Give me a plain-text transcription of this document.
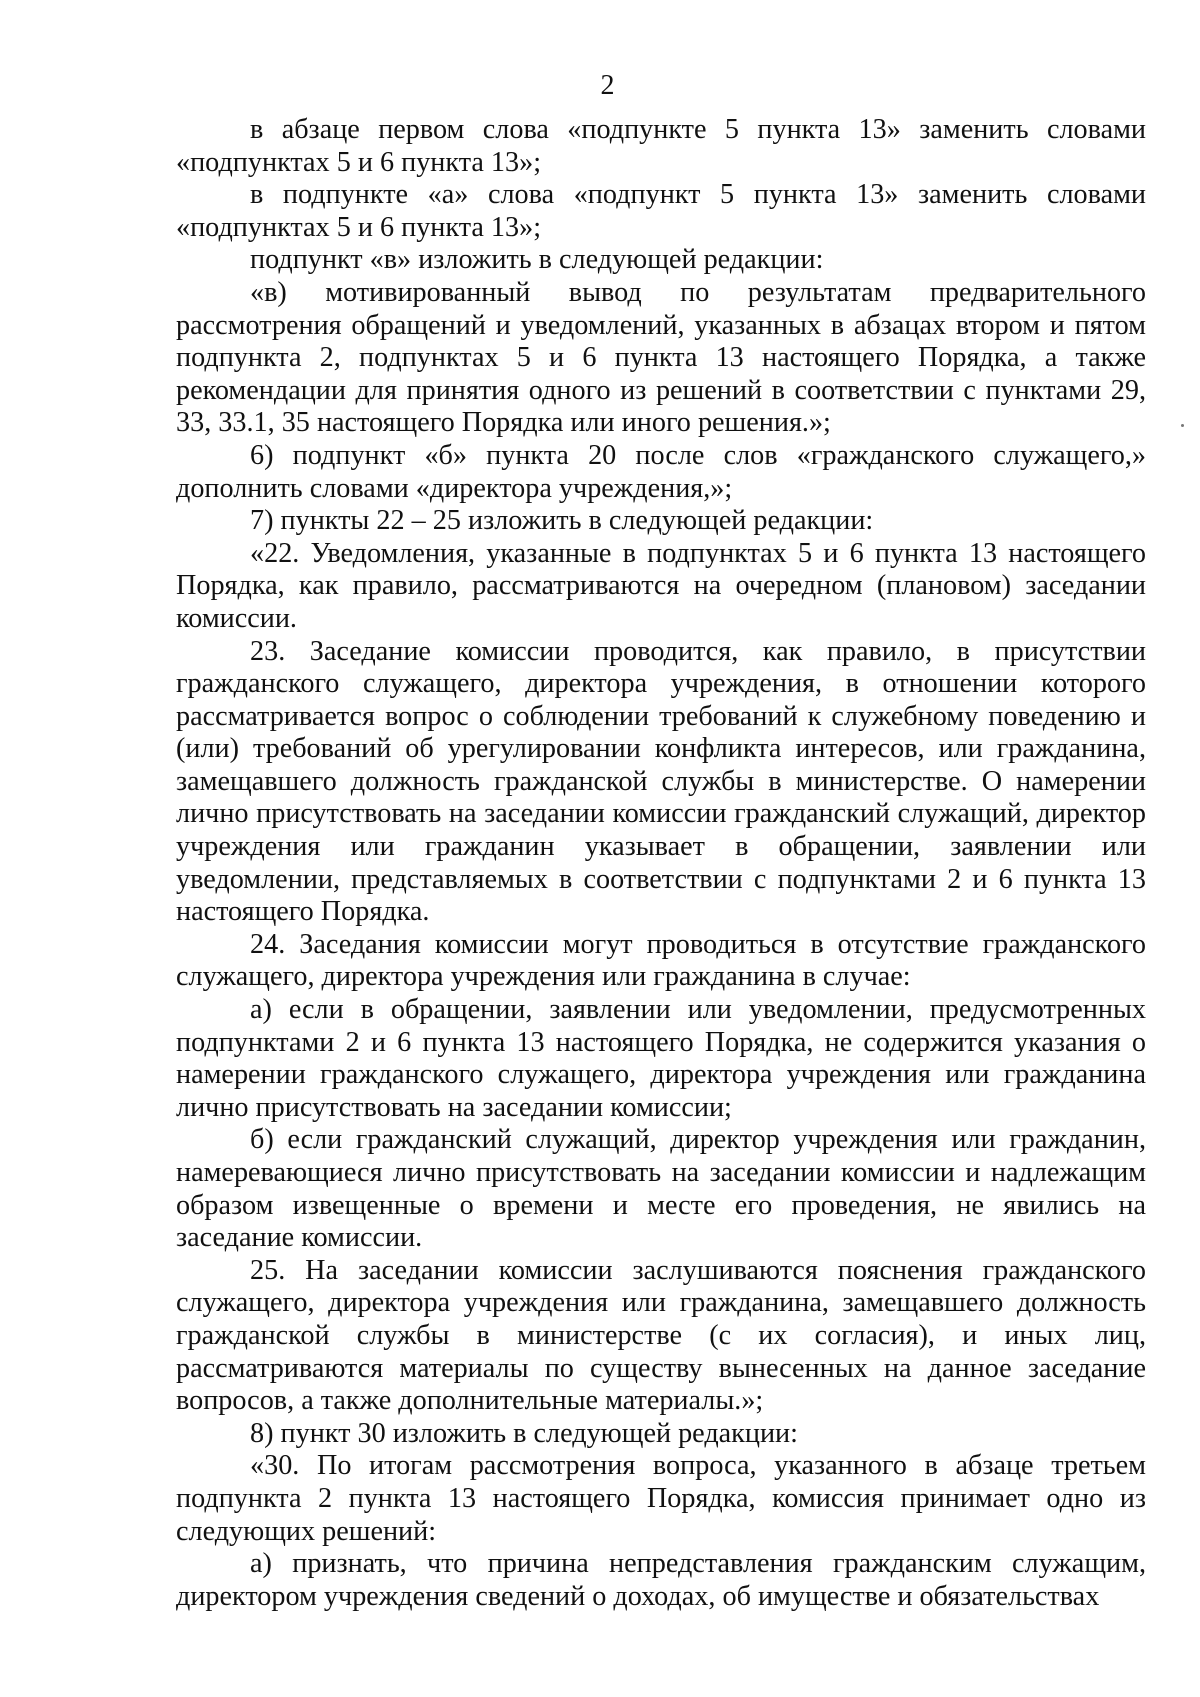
2

в абзаце первом слова «подпункте 5 пункта 13» заменить словами «подпунктах 5 и 6 пункта 13»;

в подпункте «а» слова «подпункт 5 пункта 13» заменить словами «подпунктах 5 и 6 пункта 13»;

подпункт «в» изложить в следующей редакции:

«в) мотивированный вывод по результатам предварительного рассмотрения обращений и уведомлений, указанных в абзацах втором и пятом подпункта 2, подпунктах 5 и 6 пункта 13 настоящего Порядка, а также рекомендации для принятия одного из решений в соответствии с пунктами 29, 33, 33.1, 35 настоящего Порядка или иного решения.»;

6) подпункт «б» пункта 20 после слов «гражданского служащего,» дополнить словами «директора учреждения,»;

7) пункты 22 – 25 изложить в следующей редакции:

«22. Уведомления, указанные в подпунктах 5 и 6 пункта 13 настоящего Порядка, как правило, рассматриваются на очередном (плановом) заседании комиссии.

23. Заседание комиссии проводится, как правило, в присутствии гражданского служащего, директора учреждения, в отношении которого рассматривается вопрос о соблюдении требований к служебному поведению и (или) требований об урегулировании конфликта интересов, или гражданина, замещавшего должность гражданской службы в министерстве. О намерении лично присутствовать на заседании комиссии гражданский служащий, директор учреждения или гражданин указывает в обращении, заявлении или уведомлении, представляемых в соответствии с подпунктами 2 и 6 пункта 13 настоящего Порядка.

24. Заседания комиссии могут проводиться в отсутствие гражданского служащего, директора учреждения или гражданина в случае:

а) если в обращении, заявлении или уведомлении, предусмотренных подпунктами 2 и 6 пункта 13 настоящего Порядка, не содержится указания о намерении гражданского служащего, директора учреждения или гражданина лично присутствовать на заседании комиссии;

б) если гражданский служащий, директор учреждения или гражданин, намеревающиеся лично присутствовать на заседании комиссии и надлежащим образом извещенные о времени и месте его проведения, не явились на заседание комиссии.

25. На заседании комиссии заслушиваются пояснения гражданского служащего, директора учреждения или гражданина, замещавшего должность гражданской службы в министерстве (с их согласия), и иных лиц, рассматриваются материалы по существу вынесенных на данное заседание вопросов, а также дополнительные материалы.»;

8) пункт 30 изложить в следующей редакции:

«30. По итогам рассмотрения вопроса, указанного в абзаце третьем подпункта 2 пункта 13 настоящего Порядка, комиссия принимает одно из следующих решений:

а) признать, что причина непредставления гражданским служащим, директором учреждения сведений о доходах, об имуществе и обязательствах
